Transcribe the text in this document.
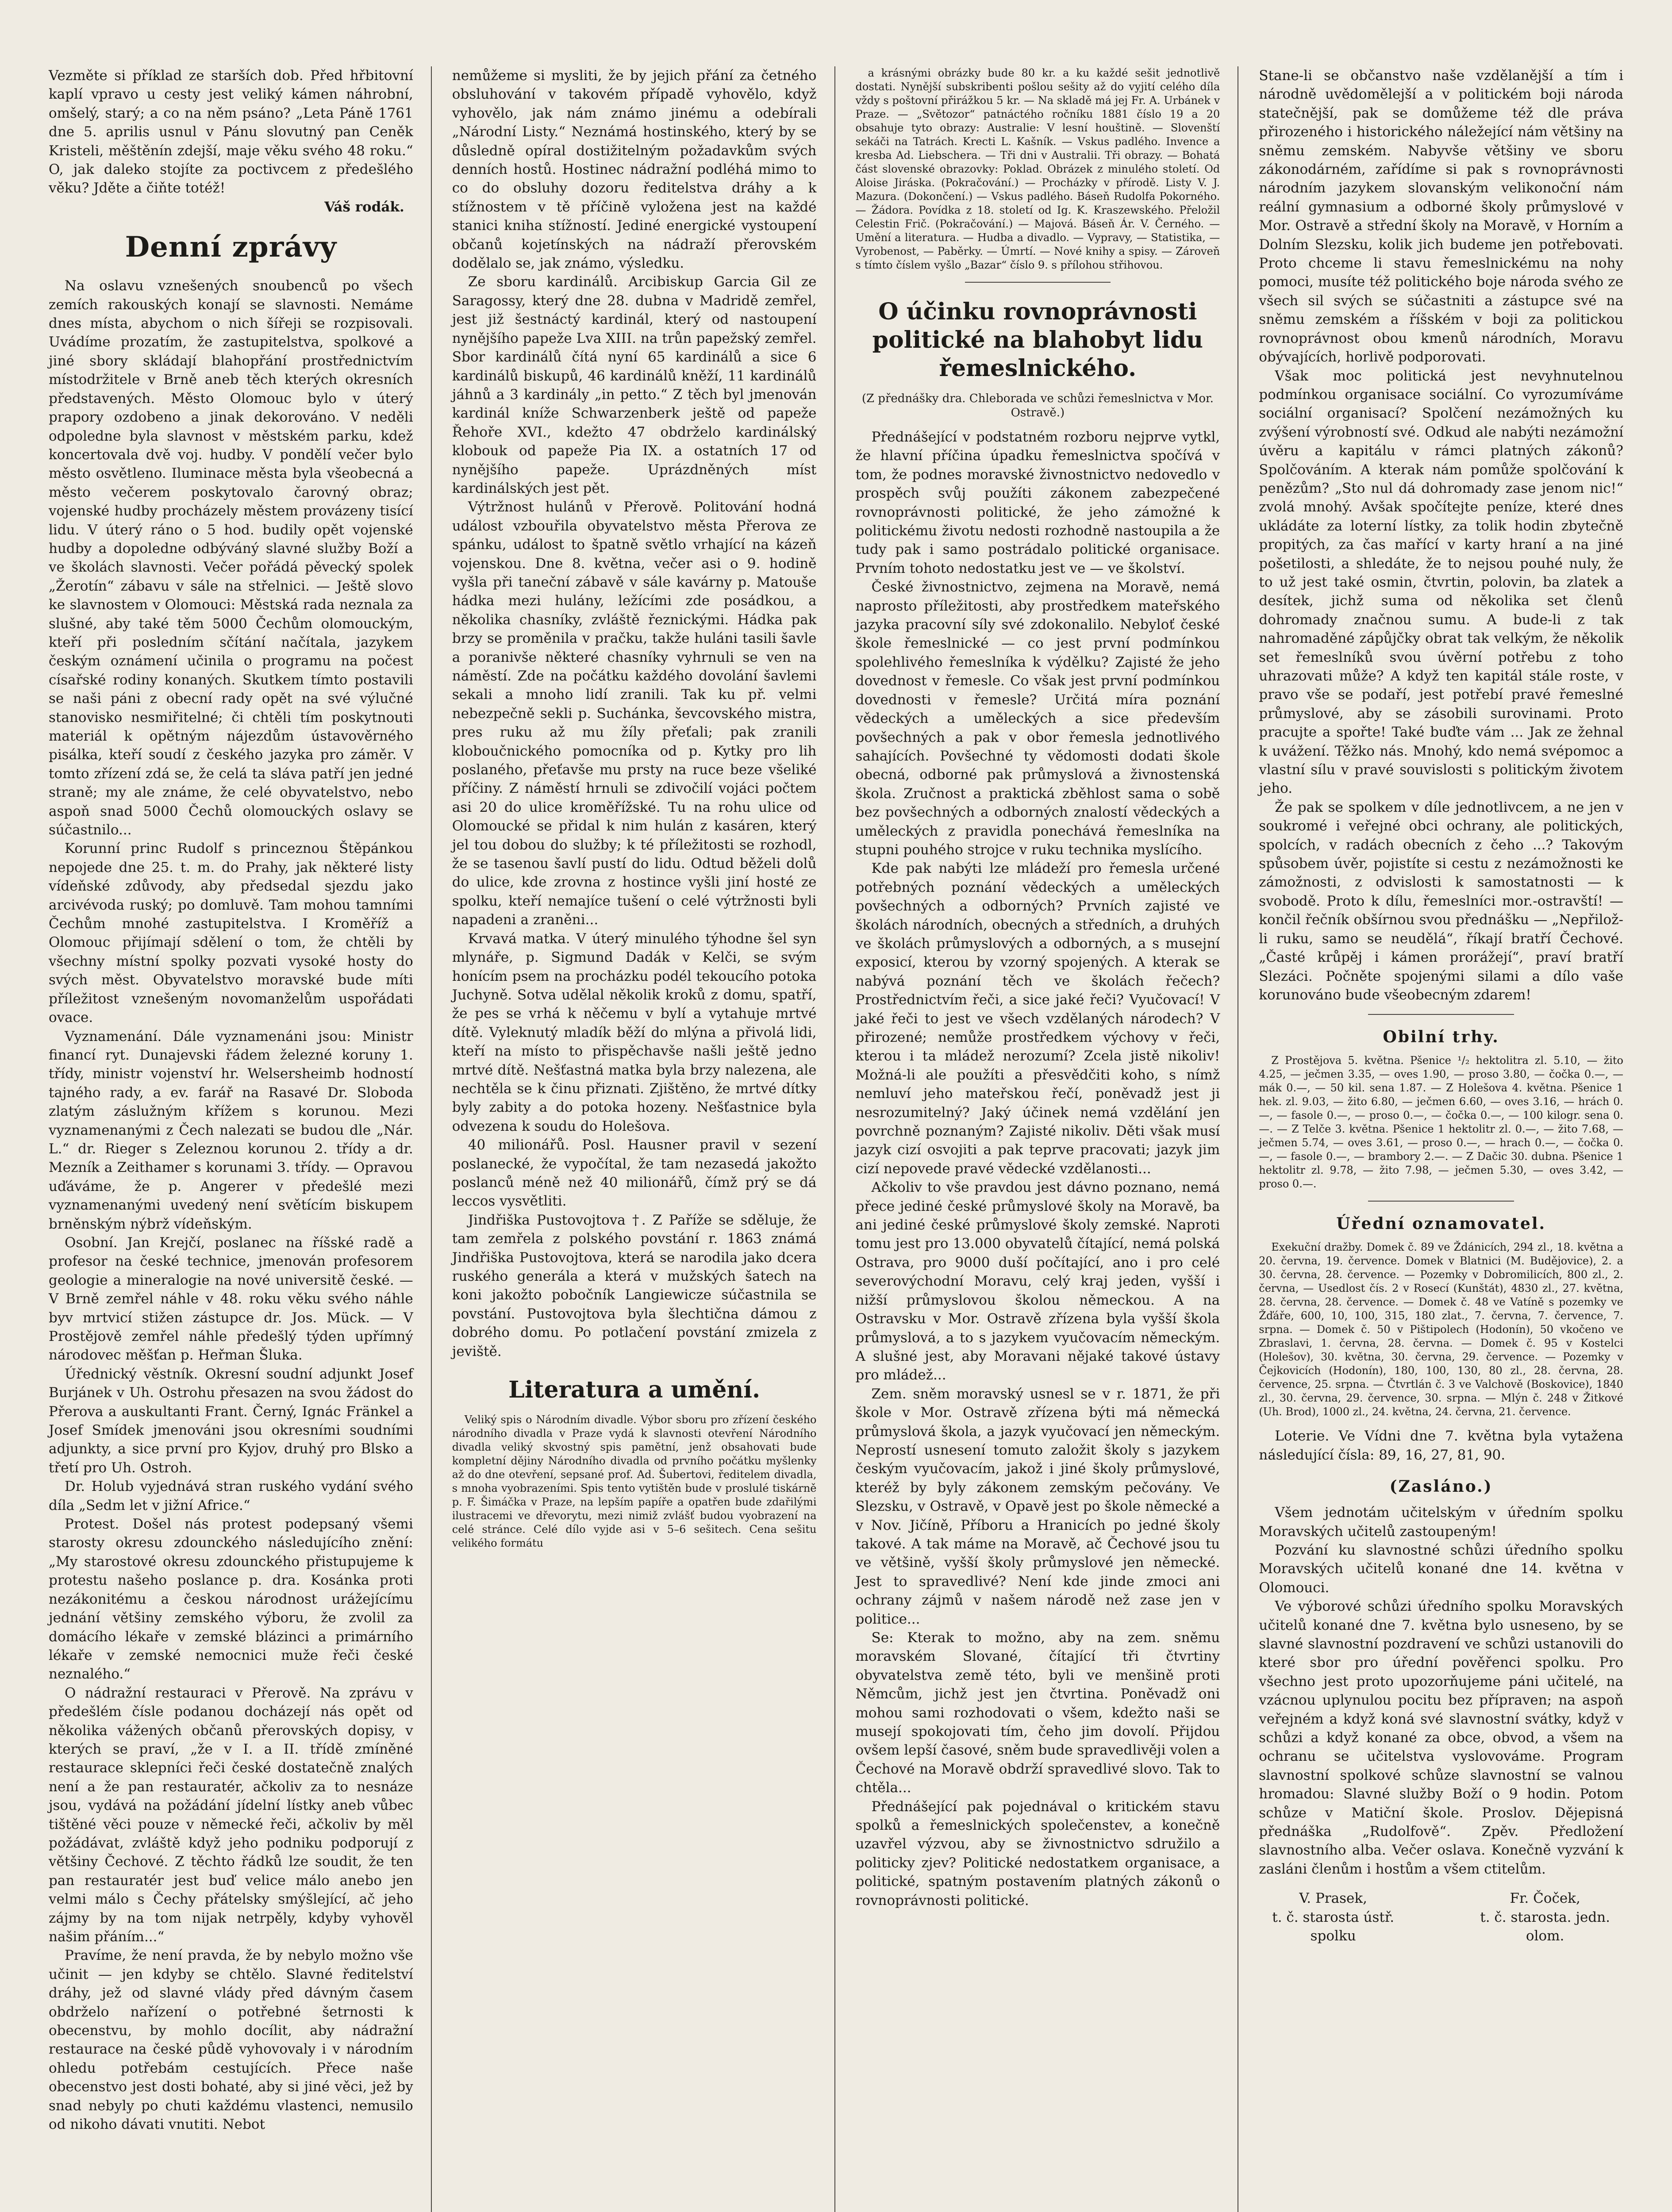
Vezměte si příklad ze starších dob. Před hřbitovní kaplí vpravo u cesty jest veliký kámen náhrobní, omšelý, starý; a co na něm psáno? „Leta Páně 1761 dne 5. aprilis usnul v Pánu slovutný pan Ceněk Kristeli, měštěnín zdejší, maje věku svého 48 roku.“ O, jak daleko stojíte za poctivcem z předešlého věku? Jděte a čiňte totéž!

Váš rodák.
Denní zprávy

Na oslavu vznešených snoubenců po všech zemích rakouských konají se slavnosti. Nemáme dnes místa, abychom o nich šířeji se rozpisovali. Uvádíme prozatím, že zastupitelstva, spolkové a jiné sbory skládají blahopřání prostřednictvím místodržitele v Brně aneb těch kterých okresních představených. Město Olomouc bylo v úterý prapory ozdobeno a jinak dekorováno. V neděli odpoledne byla slavnost v městském parku, kdež koncertovala dvě voj. hudby. V pondělí večer bylo město osvětleno. Iluminace města byla všeobecná a město večerem poskytovalo čarovný obraz; vojenské hudby procházely městem provázeny tisící lidu. V úterý ráno o 5 hod. budily opět vojenské hudby a dopoledne odbýváný slavné služby Boží a ve školách slavnosti. Večer pořádá pěvecký spolek „Žerotín“ zábavu v sále na střelnici. — Ještě slovo ke slavnostem v Olomouci: Městská rada neznala za slušné, aby také těm 5000 Čechům olomouckým, kteří při posledním sčítání načítala, jazykem českým oznámení učinila o programu na počest císařské rodiny konaných. Skutkem tímto postavili se naši páni z obecní rady opět na své výlučné stanovisko nesmiřitelné; či chtěli tím poskytnouti materiál k opětným nájezdům ústavověrného pisálka, kteří soudí z českého jazyka pro záměr. V tomto zřízení zdá se, že celá ta sláva patří jen jedné straně; my ale známe, že celé obyvatelstvo, nebo aspoň snad 5000 Čechů olomouckých oslavy se súčastnilo...

Korunní princ Rudolf s princeznou Štěpánkou nepojede dne 25. t. m. do Prahy, jak některé listy vídeňské zdůvody, aby předsedal sjezdu jako arcivévoda ruský; po domluvě. Tam mohou tamními Čechům mnohé zastupitelstva. I Kroměříž a Olomouc přijímají sdělení o tom, že chtěli by všechny místní spolky pozvati vysoké hosty do svých měst. Obyvatelstvo moravské bude míti příležitost vznešeným novomanželům uspořádati ovace.

Vyznamenání. Dále vyznamenáni jsou: Ministr financí ryt. Dunajevski řádem železné koruny 1. třídy, ministr vojenství hr. Welsersheimb hodností tajného rady, a ev. farář na Rasavé Dr. Sloboda zlatým záslužným křížem s korunou. Mezi vyznamenanými z Čech nalezati se budou dle „Nár. L.“ dr. Rieger s Zeleznou korunou 2. třídy a dr. Mezník a Zeithamer s korunami 3. třídy. — Opravou uďáváme, že p. Angerer v předešlé mezi vyznamenanými uvedený není světícím biskupem brněnským nýbrž vídeňským.

Osobní. Jan Krejčí, poslanec na říšské radě a profesor na české technice, jmenován profesorem geologie a mineralogie na nové universitě české. — V Brně zemřel náhle v 48. roku věku svého náhle byv mrtvicí stižen zástupce dr. Jos. Mück. — V Prostějově zemřel náhle předešlý týden upřímný národovec měšťan p. Heřman Šluka.

Úřednický věstník. Okresní soudní adjunkt Josef Burjánek v Uh. Ostrohu přesazen na svou žádost do Přerova a auskultanti Frant. Černý, Ignác Fränkel a Josef Smídek jmenováni jsou okresními soudními adjunkty, a sice první pro Kyjov, druhý pro Blsko a třetí pro Uh. Ostroh.

Dr. Holub vyjednává stran ruského vydání svého díla „Sedm let v jižní Africe.“

Protest. Došel nás protest podepsaný všemi starosty okresu zdounckého následujícího znění: „My starostové okresu zdounckého přistupujeme k protestu našeho poslance p. dra. Kosánka proti nezákonitému a českou národnost urážejícímu jednání většiny zemského výboru, že zvolil za domácího lékaře v zemské blázinci a primárního lékaře v zemské nemocnici muže řeči české neznalého.“

O nádražní restauraci v Přerově. Na zprávu v předešlém čísle podanou docházejí nás opět od několika vážených občanů přerovských dopisy, v kterých se praví, „že v I. a II. třídě zmíněné restaurace sklepníci řeči české dostatečně znalých není a že pan restauratér, ačkoliv za to nesnáze jsou, vydává na požádání jídelní lístky aneb vůbec tištěné věci pouze v německé řeči, ačkoliv by měl požádávat, zvláště když jeho podniku podporují z většiny Čechové. Z těchto řádků lze soudit, že ten pan restauratér jest buď velice málo anebo jen velmi málo s Čechy přátelsky smýšlející, ač jeho zájmy by na tom nijak netrpěly, kdyby vyhověl našim přáním...“

Pravíme, že není pravda, že by nebylo možno vše učinit — jen kdyby se chtělo. Slavné ředitelství dráhy, jež od slavné vlády před dávným časem obdrželo nařízení o potřebné šetrnosti k obecenstvu, by mohlo docílit, aby nádražní restaurace na české půdě vyhovovaly i v národním ohledu potřebám cestujících. Přece naše obecenstvo jest dosti bohaté, aby si jiné věci, jež by snad nebyly po chuti každému vlastenci, nemusilo od nikoho dávati vnutiti. Nebot

nemůžeme si mysliti, že by jejich přání za četného obsluhování v takovém případě vyhovělo, když vyhovělo, jak nám známo jinému a odebírali „Národní Listy.“ Neznámá hostinského, který by se důsledně opíral dostižitelným požadavkům svých denních hostů. Hostinec nádražní podléhá mimo to co do obsluhy dozoru ředitelstva dráhy a k stížnostem v tě příčině vyložena jest na každé stanici kniha stížností. Jediné energické vystoupení občanů kojetínských na nádraží přerovském dodělalo se, jak známo, výsledku.

Ze sboru kardinálů. Arcibiskup Garcia Gil ze Saragossy, který dne 28. dubna v Madridě zemřel, jest již šestnáctý kardinál, který od nastoupení nynějšího papeže Lva XIII. na trůn papežský zemřel. Sbor kardinálů čítá nyní 65 kardinálů a sice 6 kardinálů biskupů, 46 kardinálů kněží, 11 kardinálů jáhnů a 3 kardinály „in petto.“ Z těch byl jmenován kardinál kníže Schwarzenberk ještě od papeže Řehoře XVI., kdežto 47 obdrželo kardinálský klobouk od papeže Pia IX. a ostatních 17 od nynějšího papeže. Uprázdněných míst kardinálských jest pět.

Výtržnost hulánů v Přerově. Politování hodná událost vzbouřila obyvatelstvo města Přerova ze spánku, událost to špatně světlo vrhající na kázeň vojenskou. Dne 8. května, večer asi o 9. hodině vyšla při taneční zábavě v sále kavárny p. Matouše hádka mezi hulány, ležícími zde posádkou, a několika chasníky, zvláště řeznickými. Hádka pak brzy se proměnila v pračku, takže huláni tasili šavle a poranivše některé chasníky vyhrnuli se ven na náměstí. Zde na počátku každého dovolání šavlemi sekali a mnoho lidí zranili. Tak ku př. velmi nebezpečně sekli p. Suchánka, ševcovského mistra, pres ruku až mu žíly přeťali; pak zranili kloboučnického pomocníka od p. Kytky pro lih poslaného, přeťavše mu prsty na ruce beze všeliké příčiny. Z náměstí hrnuli se zdivočilí vojáci počtem asi 20 do ulice kroměřížské. Tu na rohu ulice od Olomoucké se přidal k nim hulán z kasáren, který jel tou dobou do služby; k té příležitosti se rozhodl, že se tasenou šavlí pustí do lidu. Odtud běželi dolů do ulice, kde zrovna z hostince vyšli jiní hosté ze spolku, kteří nemajíce tušení o celé výtržnosti byli napadeni a zraněni...

Krvavá matka. V úterý minulého týhodne šel syn mlynáře, p. Sigmund Dadák v Kelči, se svým honícím psem na procházku podél tekoucího potoka Juchyně. Sotva udělal několik kroků z domu, spatří, že pes se vrhá k něčemu v bylí a vytahuje mrtvé dítě. Vyleknutý mladík běží do mlýna a přivolá lidi, kteří na místo to přispěchavše našli ještě jedno mrtvé dítě. Nešťastná matka byla brzy nalezena, ale nechtěla se k činu přiznati. Zjištěno, že mrtvé dítky byly zabity a do potoka hozeny. Nešťastnice byla odvezena k soudu do Holešova.

40 milionářů. Posl. Hausner pravil v sezení poslanecké, že vypočítal, že tam nezasedá jakožto poslanců méně než 40 milionářů, čímž prý se dá leccos vysvětliti.

Jindřiška Pustovojtova †. Z Paříže se sděluje, že tam zemřela z polského povstání r. 1863 známá Jindřiška Pustovojtova, která se narodila jako dcera ruského generála a která v mužských šatech na koni jakožto pobočník Langiewicze súčastnila se povstání. Pustovojtova byla šlechtična dámou z dobrého domu. Po potlačení povstání zmizela z jeviště.

Literatura a umění.

Veliký spis o Národním divadle. Výbor sboru pro zřízení českého národního divadla v Praze vydá k slavnosti otevření Národního divadla veliký skvostný spis pamětní, jenž obsahovati bude kompletní dějiny Národního divadla od prvního počátku myšlenky až do dne otevření, sepsané prof. Ad. Šubertovi, ředitelem divadla, s mnoha vyobrazeními. Spis tento vytištěn bude v proslulé tiskárně p. F. Šimáčka v Praze, na lepším papíře a opatřen bude zdařilými ilustracemi ve dřevorytu, mezi nimiž zvlášť budou vyobrazení na celé stránce. Celé dílo vyjde asi v 5–6 sešitech. Cena sešitu velikého formátu

a krásnými obrázky bude 80 kr. a ku každé sešit jednotlivě dostati. Nynější subskribenti pošlou sešity až do vyjití celého díla vždy s poštovní přirážkou 5 kr. — Na skladě má jej Fr. A. Urbánek v Praze. — „Světozor“ patnáctého ročníku 1881 číslo 19 a 20 obsahuje tyto obrazy: Australie: V lesní houštině. — Slovenští sekáči na Tatrách. Krecti L. Kašník. — Vskus padlého. Invence a kresba Ad. Liebschera. — Tři dni v Australii. Tři obrazy. — Bohatá část slovenské obrazovky: Poklad. Obrázek z minulého století. Od Aloise Jiráska. (Pokračování.) — Procházky v přírodě. Listy V. J. Mazura. (Dokončení.) — Vskus padlého. Báseň Rudolfa Pokorného. — Žádora. Povídka z 18. století od Ig. K. Kraszewského. Přeložil Celestin Frič. (Pokračování.) — Majová. Báseň Ár. V. Černého. — Umění a literatura. — Hudba a divadlo. — Vypravy, — Statistika, — Vyrobenost, — Paběrky. — Úmrtí. — Nové knihy a spisy. — Zároveň s tímto číslem vyšlo „Bazar“ číslo 9. s přílohou střihovou.

O účinku rovnoprávnosti politické na blahobyt lidu řemeslnického.
(Z přednášky dra. Chleborada ve schůzi řemeslnictva v Mor. Ostravě.)

Přednášející v podstatném rozboru nejprve vytkl, že hlavní příčina úpadku řemeslnictva spočívá v tom, že podnes moravské živnostnictvo nedovedlo v prospěch svůj použíti zákonem zabezpečené rovnoprávnosti politické, že jeho zámožné k politickému životu nedosti rozhodně nastoupila a že tudy pak i samo postrádalo politické organisace. Prvním tohoto nedostatku jest ve — ve školství.

České živnostnictvo, zejmena na Moravě, nemá naprosto příležitosti, aby prostředkem mateřského jazyka pracovní síly své zdokonalilo. Nebyloť české škole řemeslnické — co jest první podmínkou spolehlivého řemeslníka k výdělku? Zajisté že jeho dovednost v řemesle. Co však jest první podmínkou dovednosti v řemesle? Určitá míra poznání vědeckých a uměleckých a sice především povšechných a pak v obor řemesla jednotlivého sahajících. Povšechné ty vědomosti dodati škole obecná, odborné pak průmyslová a živnostenská škola. Zručnost a praktická zběhlost sama o sobě bez povšechných a odborných znalostí vědeckých a uměleckých z pravidla ponechává řemeslníka na stupni pouhého strojce v ruku technika myslícího.

Kde pak nabýti lze mládeží pro řemesla určené potřebných poznání vědeckých a uměleckých povšechných a odborných? Prvních zajisté ve školách národních, obecných a středních, a druhých ve školách průmyslových a odborných, a s musejní exposicí, kterou by vzorný spojených. A kterak se nabývá poznání těch ve školách řečech? Prostřednictvím řeči, a sice jaké řeči? Vyučovací! V jaké řeči to jest ve všech vzdělaných národech? V přirozené; nemůže prostředkem výchovy v řeči, kterou i ta mládež nerozumí? Zcela jistě nikoliv! Možná-li ale použíti a přesvědčiti koho, s nímž nemluví jeho mateřskou řečí, poněvadž jest ji nesrozumitelný? Jaký účinek nemá vzdělání jen povrchně poznaným? Zajisté nikoliv. Děti však musí jazyk cizí osvojiti a pak teprve pracovati; jazyk jim cizí nepovede pravé vědecké vzdělanosti...

Ačkoliv to vše pravdou jest dávno poznano, nemá přece jediné české průmyslové školy na Moravě, ba ani jediné české průmyslové školy zemské. Naproti tomu jest pro 13.000 obyvatelů čítající, nemá polská Ostrava, pro 9000 duší počítající, ano i pro celé severovýchodní Moravu, celý kraj jeden, vyšší i nižší průmyslovou školou německou. A na Ostravsku v Mor. Ostravě zřízena byla vyšší škola průmyslová, a to s jazykem vyučovacím německým. A slušné jest, aby Moravani nějaké takové ústavy pro mládež...

Zem. sněm moravský usnesl se v r. 1871, že při škole v Mor. Ostravě zřízena býti má německá průmyslová škola, a jazyk vyučovací jen německým. Neprostí usnesení tomuto založit školy s jazykem českým vyučovacím, jakož i jiné školy průmyslové, kteréž by byly zákonem zemským pečovány. Ve Slezsku, v Ostravě, v Opavě jest po škole německé a v Nov. Jičíně, Příboru a Hranicích po jedné školy takové. A tak máme na Moravě, ač Čechové jsou tu ve většině, vyšší školy průmyslové jen německé. Jest to spravedlivé? Není kde jinde zmoci ani ochrany zájmů v našem národě než zase jen v politice...

Se: Kterak to možno, aby na zem. sněmu moravském Slované, čítající tři čtvrtiny obyvatelstva země této, byli ve menšině proti Němcům, jichž jest jen čtvrtina. Poněvadž oni mohou sami rozhodovati o všem, kdežto naši se musejí spokojovati tím, čeho jim dovolí. Přijdou ovšem lepší časové, sněm bude spravedlivěji volen a Čechové na Moravě obdrží spravedlivé slovo. Tak to chtěla...

Přednášející pak pojednával o kritickém stavu spolků a řemeslnických společenstev, a konečně uzavřel výzvou, aby se živnostnictvo sdružilo a politicky zjev? Politické nedostatkem organisace, a politické, spatným postavením platných zákonů o rovnoprávnosti politické.

Stane-li se občanstvo naše vzdělanější a tím i národně uvědomělejší a v politickém boji národa statečnější, pak se domůžeme též dle práva přirozeného i historického náležející nám většiny na sněmu zemském. Nabyvše většiny ve sboru zákonodárném, zařídíme si pak s rovnoprávnosti národním jazykem slovanským velikonoční nám reální gymnasium a odborné školy průmyslové v Mor. Ostravě a střední školy na Moravě, v Horním a Dolním Slezsku, kolik jich budeme jen potřebovati. Proto chceme li stavu řemeslnickému na nohy pomoci, musíte též politického boje národa svého ze všech sil svých se súčastniti a zástupce své na sněmu zemském a říšském v boji za politickou rovnoprávnost obou kmenů národních, Moravu obývajících, horlivě podporovati.

Však moc politická jest nevyhnutelnou podmínkou organisace sociální. Co vyrozumíváme sociální organisací? Spolčení nezámožných ku zvýšení výrobností své. Odkud ale nabýti nezámožní úvěru a kapitálu v rámci platných zákonů? Spolčováním. A kterak nám pomůže spolčování k penězům? „Sto nul dá dohromady zase jenom nic!“ zvolá mnohý. Avšak spočítejte peníze, které dnes ukládáte za loterní lístky, za tolik hodin zbytečně propitých, za čas mařící v karty hraní a na jiné pošetilosti, a shledáte, že to nejsou pouhé nuly, že to už jest také osmin, čtvrtin, polovin, ba zlatek a desítek, jichž suma od několika set členů dohromady značnou sumu. A bude-li z tak nahromaděné zápůjčky obrat tak velkým, že několik set řemeslníků svou úvěrní potřebu z toho uhrazovati může? A když ten kapitál stále roste, v pravo vše se podaří, jest potřebí pravé řemeslné průmyslové, aby se zásobili surovinami. Proto pracujte a spořte! Také buďte vám ... Jak ze žehnal k uvážení. Těžko nás. Mnohý, kdo nemá svépomoc a vlastní sílu v pravé souvislosti s politickým životem jeho.

Že pak se spolkem v díle jednotlivcem, a ne jen v soukromé i veřejné obci ochrany, ale politických, spolcích, v radách obecních z čeho ...? Takovým spůsobem úvěr, pojistíte si cestu z nezámožnosti ke zámožnosti, z odvislosti k samostatnosti — k svobodě. Proto k dílu, řemeslníci mor.-ostravští! — končil řečník obšírnou svou přednášku — „Nepřilož-li ruku, samo se neudělá“, říkají bratří Čechové. „Časté krůpěj i kámen prorážejí“, praví bratří Slezáci. Počněte spojenými silami a dílo vaše korunováno bude všeobecným zdarem!

Obilní trhy.

Z Prostějova 5. května. Pšenice ¹/₂ hektolitra zl. 5.10, — žito 4.25, — ječmen 3.35, — oves 1.90, — proso 3.80, — čočka 0.—, — mák 0.—, — 50 kil. sena 1.87. — Z Holešova 4. května. Pšenice 1 hek. zl. 9.03, — žito 6.80, — ječmen 6.60, — oves 3.16, — hrách 0.—, — fasole 0.—, — proso 0.—, — čočka 0.—, — 100 kilogr. sena 0.—. — Z Telče 3. května. Pšenice 1 hektolitr zl. 0.—, — žito 7.68, — ječmen 5.74, — oves 3.61, — proso 0.—, — hrach 0.—, — čočka 0.—, — fasole 0.—, — brambory 2.—. — Z Dačic 30. dubna. Pšenice 1 hektolitr zl. 9.78, — žito 7.98, — ječmen 5.30, — oves 3.42, — proso 0.—.

Úřední oznamovatel.

Exekuční dražby. Domek č. 89 ve Ždánicích, 294 zl., 18. května a 20. června, 19. července. Domek v Blatnici (M. Budějovice), 2. a 30. června, 28. července. — Pozemky v Dobromilicích, 800 zl., 2. června, — Usedlost čís. 2 v Rosecí (Kunštát), 4830 zl., 27. května, 28. června, 28. července. — Domek č. 48 ve Vatíně s pozemky ve Žďáře, 600, 10, 100, 315, 180 zlat., 7. června, 7. července, 7. srpna. — Domek č. 50 v Pištipolech (Hodonín), 50 vkočeno ve Zbraslavi, 1. června, 28. června. — Domek č. 95 v Kostelci (Holešov), 30. května, 30. června, 29. července. — Pozemky v Čejkovicích (Hodonín), 180, 100, 130, 80 zl., 28. června, 28. července, 25. srpna. — Čtvrtlán č. 3 ve Valchově (Boskovice), 1840 zl., 30. června, 29. července, 30. srpna. — Mlýn č. 248 v Žitkové (Uh. Brod), 1000 zl., 24. května, 24. června, 21. července.

Loterie. Ve Vídni dne 7. května byla vytažena následující čísla: 89, 16, 27, 81, 90.

(Zasláno.)

Všem jednotám učitelským v úředním spolku Moravských učitelů zastoupeným!

Pozvání ku slavnostné schůzi úředního spolku Moravských učitelů konané dne 14. května v Olomouci.

Ve výborové schůzi úředního spolku Moravských učitelů konané dne 7. května bylo usneseno, by se slavné slavnostní pozdravení ve schůzi ustanovili do které sbor pro úřední pověřenci spolku. Pro všechno jest proto upozorňujeme páni učitelé, na vzácnou uplynulou pocitu bez přípraven; na aspoň veřejném a když koná své slavnostní svátky, když v schůzi a když konané za obce, obvod, a všem na ochranu se učitelstva vyslovováme. Program slavnostní spolkové schůze slavnostní se valnou hromadou: Slavné služby Boží o 9 hodin. Potom schůze v Matiční škole. Proslov. Dějepisná přednáška „Rudolfově“. Zpěv. Předložení slavnostního alba. Večer oslava. Konečně vyzvání k zasláni členům i hostům a všem ctitelům.

V. Prasek,
t. č. starosta ústř.
spolku
Fr. Čoček,
t. č. starosta. jedn.
olom.
